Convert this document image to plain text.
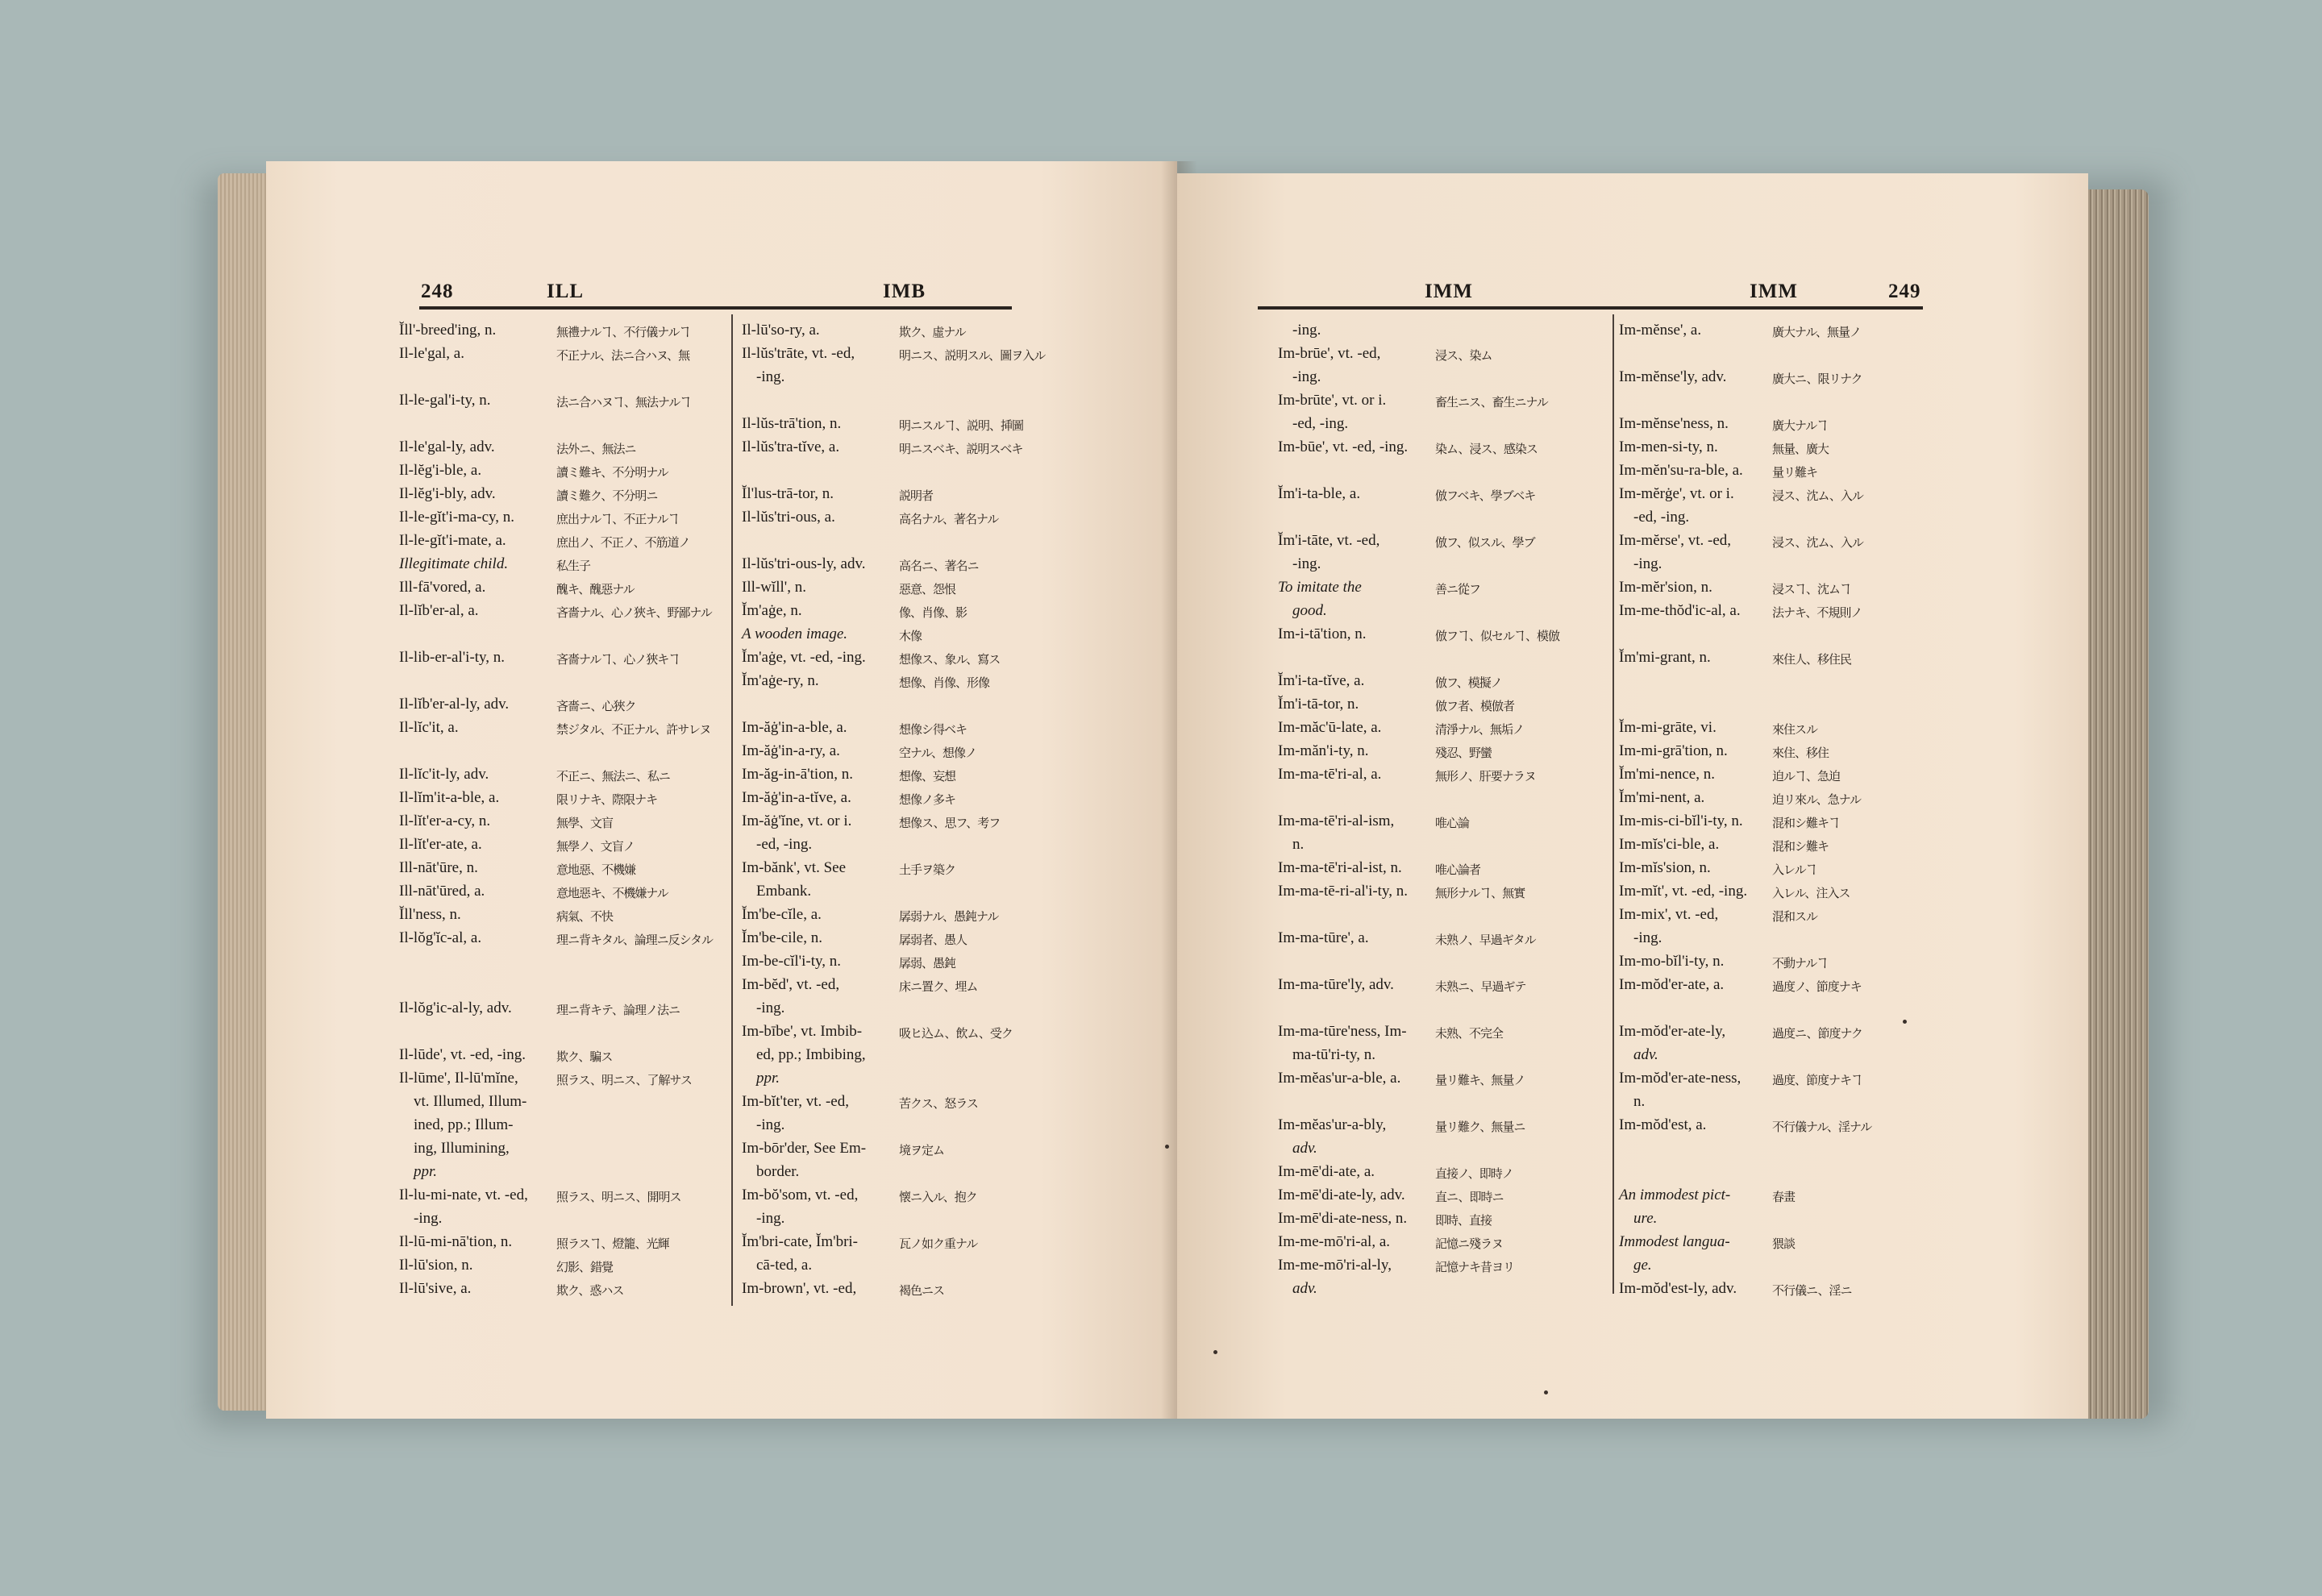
248	ILL	IMB
Ĭll'-breed'ing, n.	無禮ナルヿ、不行儀ナルヿ
Il-le'gal, a.	不正ナル、法ニ合ハヌ、無
Il-le-gal'i-ty, n.	法ニ合ハヌヿ、無法ナルヿ
Il-le'gal-ly, adv.	法外ニ、無法ニ
Il-lĕg'i-ble, a.	讀ミ難キ、不分明ナル
Il-lĕg'i-bly, adv.	讀ミ難ク、不分明ニ
Il-le-gĭt'i-ma-cy, n.	庶出ナルヿ、不正ナルヿ
Il-le-gĭt'i-mate, a.	庶出ノ、不正ノ、不筋道ノ
Illegitimate child.	私生子
Ill-fā'vored, a.	醜キ、醜惡ナル
Il-lĭb'er-al, a.	吝嗇ナル、心ノ狹キ、野鄙ナル
Il-lib-er-al'i-ty, n.	吝嗇ナルヿ、心ノ狹キヿ
Il-lĭb'er-al-ly, adv.	吝嗇ニ、心狹ク
Il-lĭc'it, a.	禁ジタル、不正ナル、許サレヌ
Il-lĭc'it-ly, adv.	不正ニ、無法ニ、私ニ
Il-lĭm'it-a-ble, a.	限リナキ、際限ナキ
Il-lĭt'er-a-cy, n.	無學、文盲
Il-lĭt'er-ate, a.	無學ノ、文盲ノ
Ill-nāt'ūre, n.	意地惡、不機嫌
Ill-nāt'ūred, a.	意地惡キ、不機嫌ナル
Ĭll'ness, n.	病氣、不快
Il-lŏg'ĭc-al, a.	理ニ背キタル、論理ニ反シタル
Il-lŏg'ic-al-ly, adv.	理ニ背キテ、論理ノ法ニ
Il-lūde', vt. -ed, -ing.	欺ク、騙ス
Il-lūme', Il-lū'mĭne,	照ラス、明ニス、了解サス
vt. Illumed, Illum-
ined, pp.; Illum-
ing, Illumining,
ppr.
Il-lu-mi-nate, vt. -ed, 照ラス、明ニス、開明ス
-ing.
Il-lū-mi-nā'tion, n.	照ラスヿ、燈籠、光輝
Il-lū'sion, n.	幻影、錯覺
Il-lū'sive, a.	欺ク、惑ハス
Il-lū'so-ry, a.	欺ク、虛ナル
Il-lŭs'trāte, vt. -ed,	明ニス、説明スル、圖ヲ入ル
-ing.
Il-lŭs-trā'tion, n.	明ニスルヿ、説明、挿圖
Il-lŭs'tra-tĭve, a.	明ニスベキ、説明スベキ
Ĭl'lus-trā-tor, n.	説明者
Il-lŭs'tri-ous, a.	高名ナル、著名ナル
Il-lŭs'tri-ous-ly, adv.	高名ニ、著名ニ
Ill-wĭll', n.	惡意、怨恨
Ĭm'aġe, n.	像、肖像、影
A wooden image.	木像
Ĭm'aġe, vt. -ed, -ing.	想像ス、象ル、寫ス
Ĭm'aġe-ry, n.	想像、肖像、形像
Im-ăġ'in-a-ble, a.	想像シ得ベキ
Im-ăġ'in-a-ry, a.	空ナル、想像ノ
Im-ăg-in-ā'tion, n.	想像、妄想
Im-ăġ'in-a-tĭve, a.	想像ノ多キ
Im-ăġ'ĭne, vt. or i.	想像ス、思フ、考フ
-ed, -ing.
Im-bănk', vt. See	土手ヲ築ク
Embank.
Ĭm'be-cĭle, a.	孱弱ナル、愚鈍ナル
Ĭm'be-cile, n.	孱弱者、愚人
Im-be-cĭl'i-ty, n.	孱弱、愚鈍
Im-bĕd', vt. -ed,	床ニ置ク、埋ム
-ing.
Im-bībe', vt. Imbib-	吸ヒ込ム、飲ム、受ク
ed, pp.; Imbibing,
ppr.
Im-bĭt'ter, vt. -ed,	苦クス、怒ラス
-ing.
Im-bōr'der, See Em-	境ヲ定ム
border.
Im-bŏ'som, vt. -ed,	懐ニ入ル、抱ク
-ing.
Ĭm'bri-cate, Ĭm'bri-	瓦ノ如ク重ナル
cā-ted, a.
Im-brown', vt. -ed,	褐色ニス
IMM	IMM	249
-ing.
Im-brūe', vt. -ed,	浸ス、染ム
-ing.
Im-brūte', vt. or i.	畜生ニス、畜生ニナル
-ed, -ing.
Im-būe', vt. -ed, -ing. 染ム、浸ス、感染ス
Ĭm'i-ta-ble, a.	倣フベキ、學ブベキ
Ĭm'i-tāte, vt. -ed,	倣フ、似スル、學ブ
-ing.
To imitate the	善ニ從フ
good.
Im-i-tā'tion, n.	倣フヿ、似セルヿ、模倣
Ĭm'i-ta-tĭve, a.	倣フ、模擬ノ
Ĭm'i-tā-tor, n.	倣フ者、模倣者
Im-măc'ū-late, a.	清淨ナル、無垢ノ
Im-măn'i-ty, n.	殘忍、野蠻
Im-ma-tē'ri-al, a.	無形ノ、肝要ナラヌ
Im-ma-tē'ri-al-ism,	唯心論
n.
Im-ma-tē'ri-al-ist, n.	唯心論者
Im-ma-tē-ri-al'i-ty, n. 無形ナルヿ、無實
Im-ma-tūre', a.	未熟ノ、早過ギタル
Im-ma-tūre'ly, adv.	未熟ニ、早過ギテ
Im-ma-tūre'ness, Im- 未熟、不完全
ma-tū'ri-ty, n.
Im-mĕas'ur-a-ble, a.	量リ難キ、無量ノ
Im-mĕas'ur-a-bly,	量リ難ク、無量ニ
adv.
Im-mē'di-ate, a.	直接ノ、即時ノ
Im-mē'di-ate-ly, adv. 直ニ、即時ニ
Im-mē'di-ate-ness, n. 即時、直接
Im-me-mō'ri-al, a.	記憶ニ殘ラヌ
Im-me-mō'ri-al-ly,	記憶ナキ昔ヨリ
adv.
Im-mĕnse', a.	廣大ナル、無量ノ
Im-mĕnse'ly, adv.	廣大ニ、限リナク
Im-mĕnse'ness, n.	廣大ナルヿ
Im-men-si-ty, n.	無量、廣大
Im-mĕn'su-ra-ble, a. 量リ難キ
Im-mĕrġe', vt. or i.	浸ス、沈ム、入ル
-ed, -ing.
Im-mĕrse', vt. -ed,	浸ス、沈ム、入ル
-ing.
Im-mĕr'sion, n.	浸スヿ、沈ムヿ
Im-me-thŏd'ic-al, a.	法ナキ、不規則ノ
Ĭm'mi-grant, n.	來住人、移住民
Ĭm-mi-grāte, vi.	來住スル
Im-mi-grā'tion, n.	來住、移住
Ĭm'mi-nence, n.	迫ルヿ、急迫
Ĭm'mi-nent, a.	迫リ來ル、急ナル
Im-mis-ci-bĭl'i-ty, n. 混和シ難キヿ
Im-mĭs'ci-ble, a.	混和シ難キ
Im-mĭs'sion, n.	入レルヿ
Im-mĭt', vt. -ed, -ing. 入レル、注入ス
Im-mix', vt. -ed,	混和スル
-ing.
Im-mo-bĭl'i-ty, n.	不動ナルヿ
Im-mŏd'er-ate, a.	過度ノ、節度ナキ
Im-mŏd'er-ate-ly,	過度ニ、節度ナク
adv.
Im-mŏd'er-ate-ness,	過度、節度ナキヿ
n.
Im-mŏd'est, a.	不行儀ナル、淫ナル
An immodest pict-	春畫
ure.
Immodest langua-	猥談
ge.
Im-mŏd'est-ly, adv.	不行儀ニ、淫ニ
